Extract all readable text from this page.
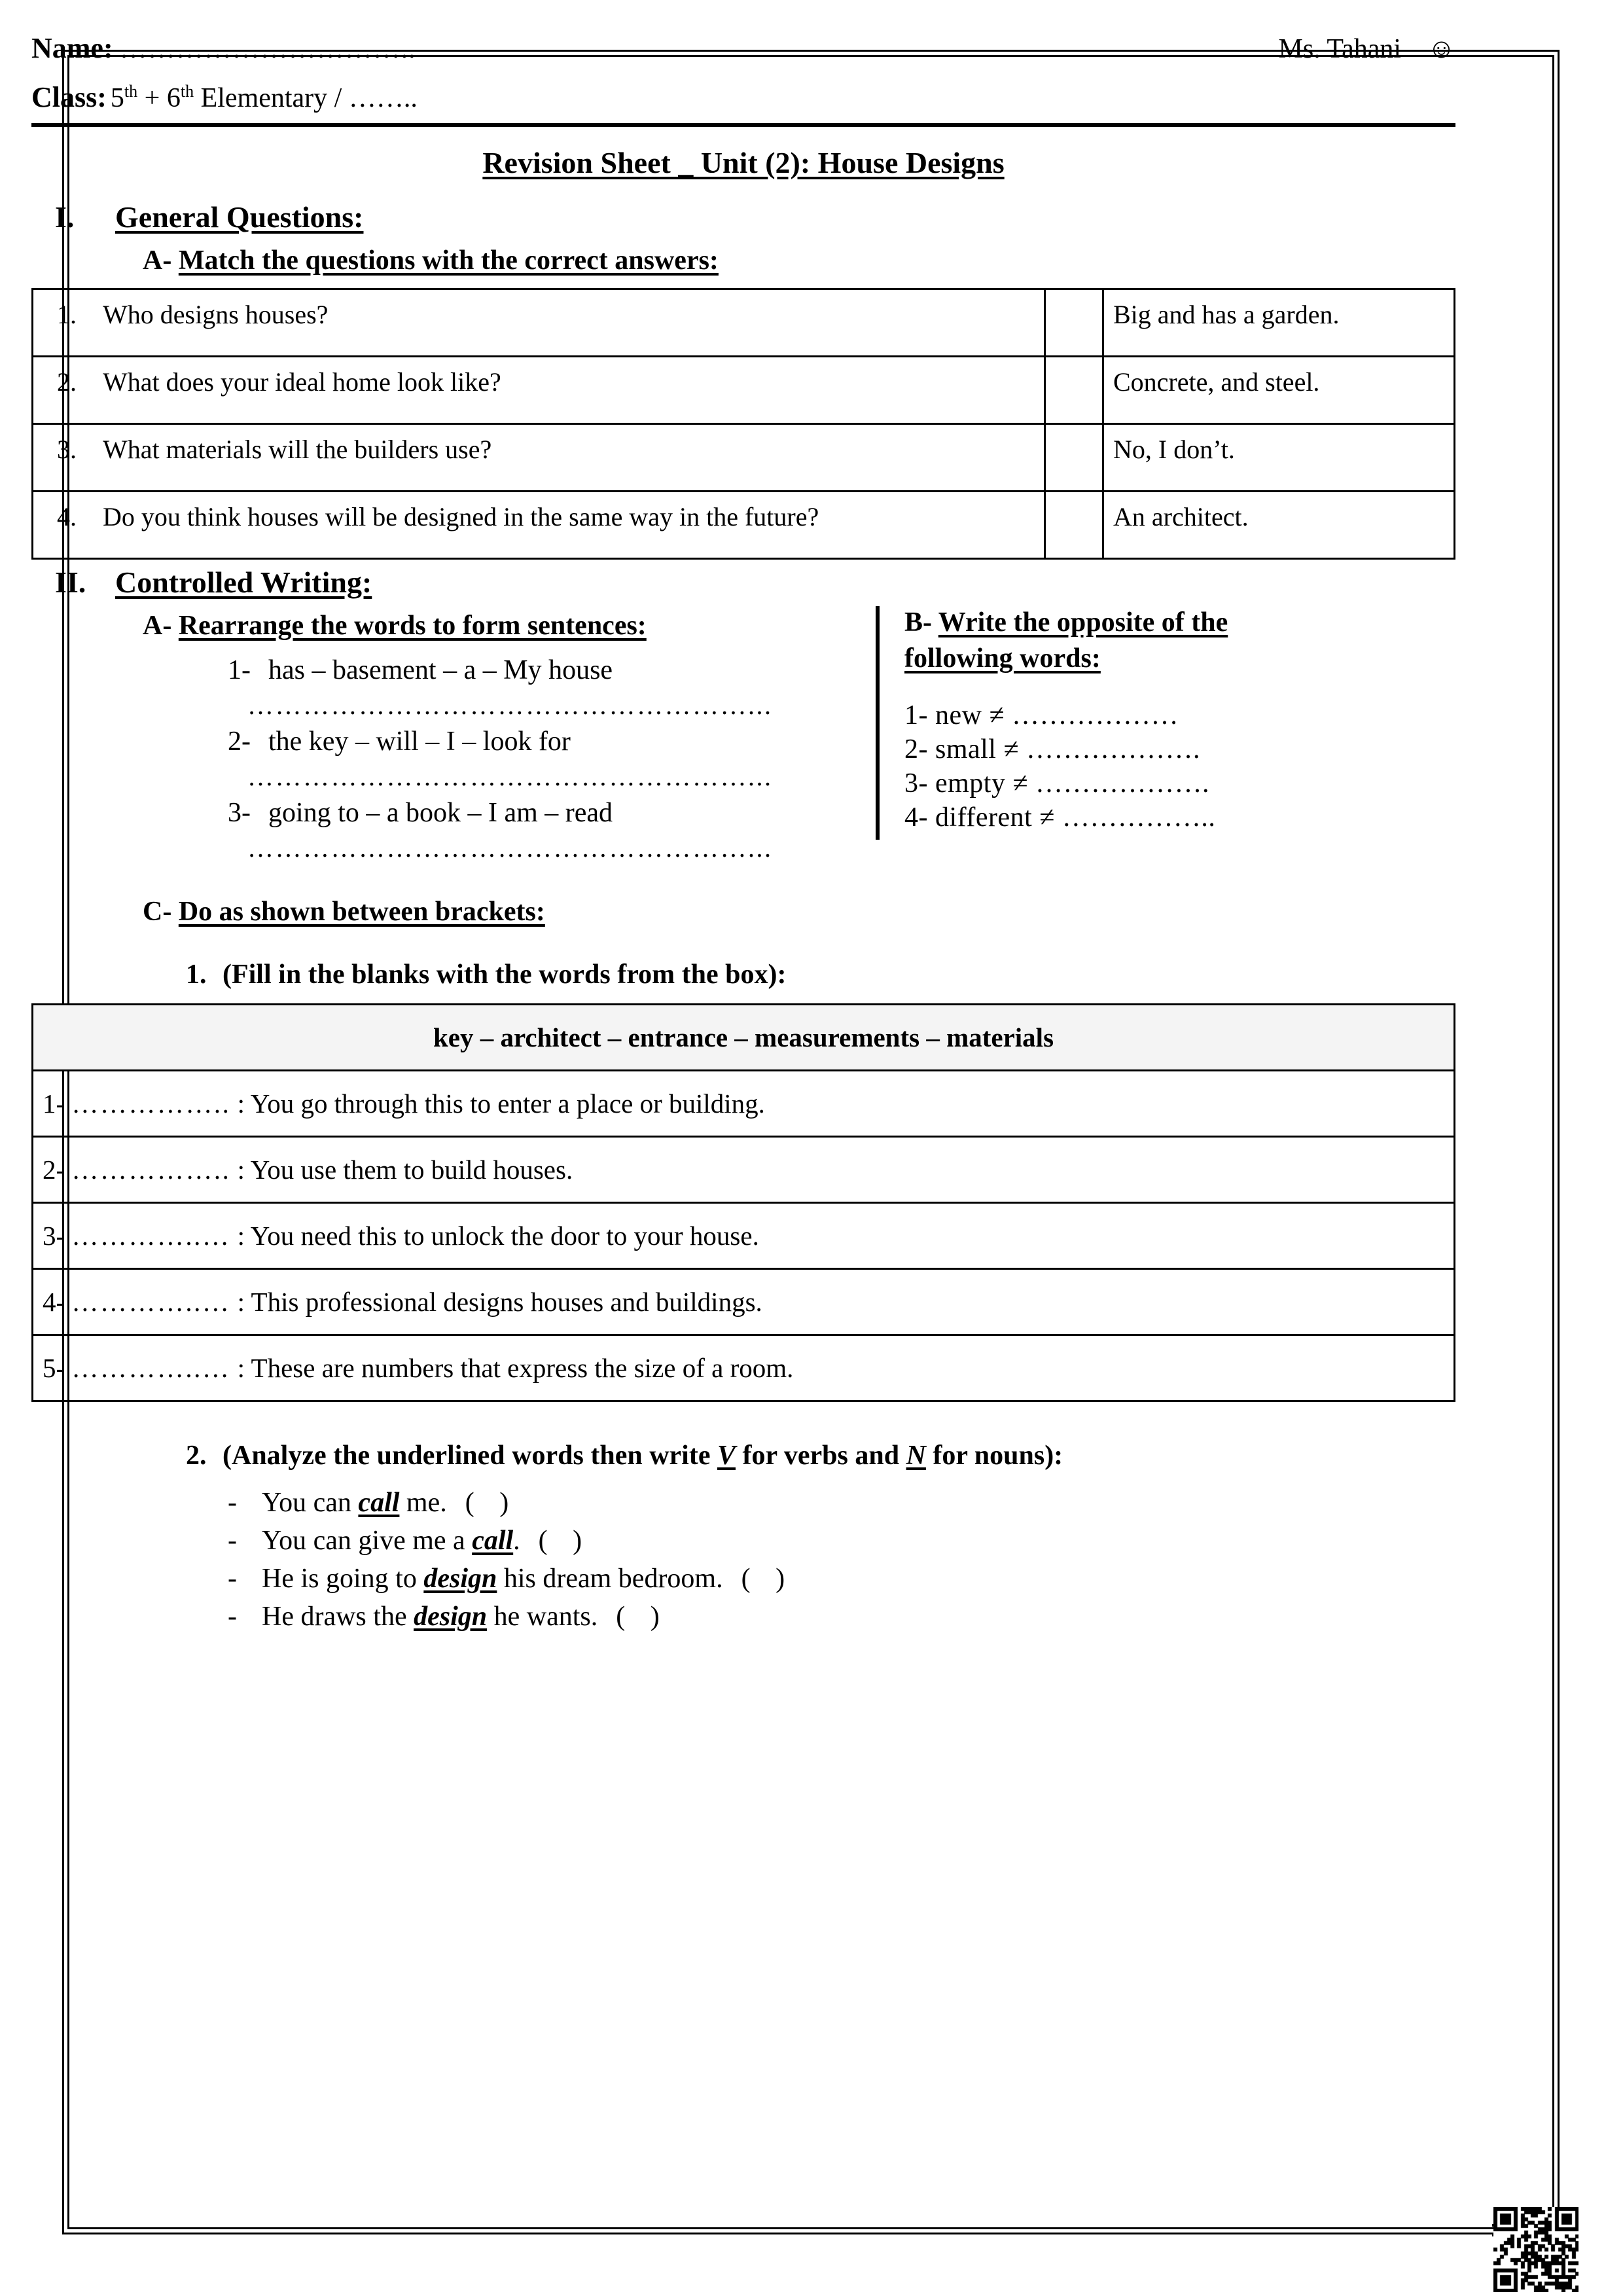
Name: …………………………..	Ms. Tahani ☺
Class: 5th + 6th Elementary / ……..
Revision Sheet _ Unit (2): House Designs
I.	General Questions:
A- Match the questions with the correct answers:
1. Who designs houses?		Big and has a garden.

2. What does your ideal home look like?		Concrete, and steel.

3. What materials will the builders use?		No, I don’t.

4. Do you think houses will be designed in the same way in the future?		An architect.
II. Controlled Writing:
A- Rearrange the words to form sentences:
1- has – basement – a – My house
………………………………………………...
2- the key – will – I – look for
………………………………………………...
3- going to – a book – I am – read
………………………………………………...
B- Write the opposite of the
following words:
1- new ≠ ………………
2- small ≠ ……………….
3- empty ≠ ……………….
4- different ≠ ……………..
C- Do as shown between brackets:
1. (Fill in the blanks with the words from the box):
key – architect – entrance – measurements – materials
1- …………….. : You go through this to enter a place or building.
2- …………….. : You use them to build houses.
3- …………..… : You need this to unlock the door to your house.
4- …………..… : This professional designs houses and buildings.
5- …………..… : These are numbers that express the size of a room.
2. (Analyze the underlined words then write V for verbs and N for nouns):
- You can call me. ( )
- You can give me a call. ( )
- He is going to design his dream bedroom. ( )
- He draws the design he wants. ( )
